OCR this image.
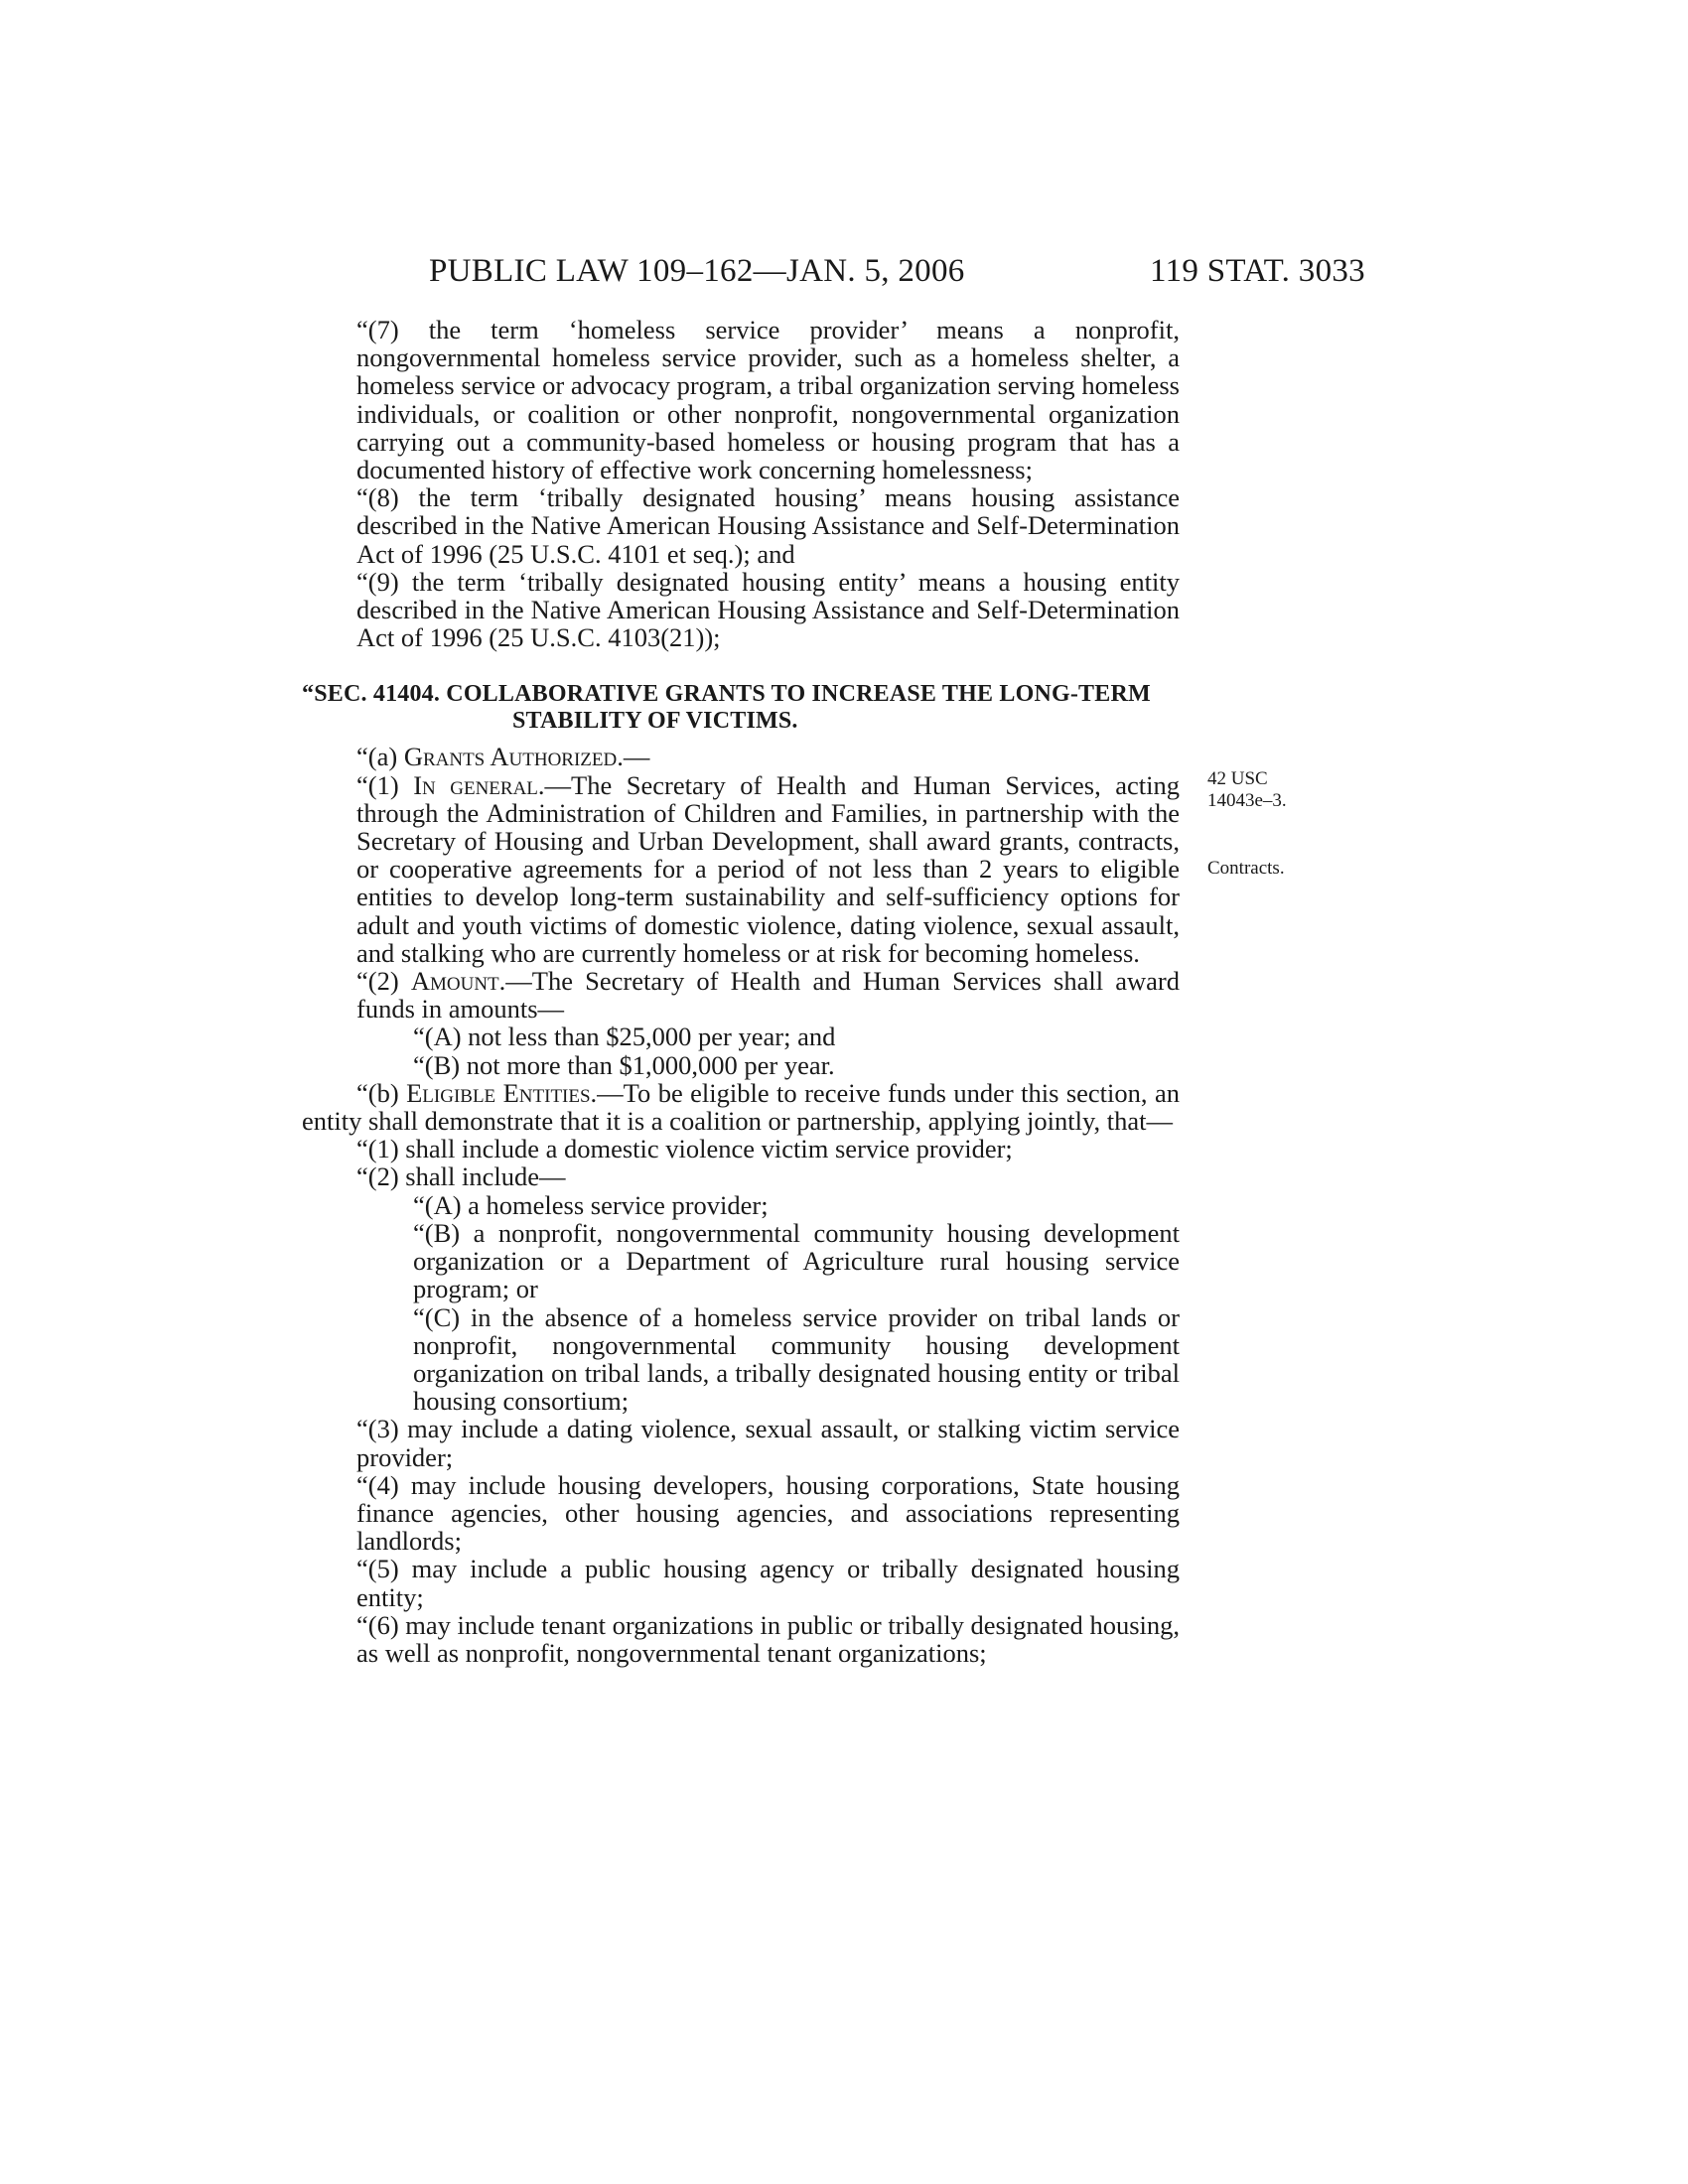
PUBLIC LAW 109–162—JAN. 5, 2006	119 STAT. 3033
42 USC
14043e–3.
Contracts.

“(7) the term ‘homeless service provider’ means a nonprofit, nongovernmental homeless service provider, such as a homeless shelter, a homeless service or advocacy program, a tribal organization serving homeless individuals, or coalition or other nonprofit, nongovernmental organization carrying out a community-based homeless or housing program that has a documented history of effective work concerning homelessness;

“(8) the term ‘tribally designated housing’ means housing assistance described in the Native American Housing Assistance and Self-Determination Act of 1996 (25 U.S.C. 4101 et seq.); and

“(9) the term ‘tribally designated housing entity’ means a housing entity described in the Native American Housing Assistance and Self-Determination Act of 1996 (25 U.S.C. 4103(21));

“SEC. 41404. COLLABORATIVE GRANTS TO INCREASE THE LONG-TERM STABILITY OF VICTIMS.

“(a) Grants Authorized.—

“(1) In general.—The Secretary of Health and Human Services, acting through the Administration of Children and Families, in partnership with the Secretary of Housing and Urban Development, shall award grants, contracts, or cooperative agreements for a period of not less than 2 years to eligible entities to develop long-term sustainability and self-sufficiency options for adult and youth victims of domestic violence, dating violence, sexual assault, and stalking who are currently homeless or at risk for becoming homeless.

“(2) Amount.—The Secretary of Health and Human Services shall award funds in amounts—

“(A) not less than $25,000 per year; and

“(B) not more than $1,000,000 per year.

“(b) Eligible Entities.—To be eligible to receive funds under this section, an entity shall demonstrate that it is a coalition or partnership, applying jointly, that—

“(1) shall include a domestic violence victim service provider;

“(2) shall include—

“(A) a homeless service provider;

“(B) a nonprofit, nongovernmental community housing development organization or a Department of Agriculture rural housing service program; or

“(C) in the absence of a homeless service provider on tribal lands or nonprofit, nongovernmental community housing development organization on tribal lands, a tribally designated housing entity or tribal housing consortium;

“(3) may include a dating violence, sexual assault, or stalking victim service provider;

“(4) may include housing developers, housing corporations, State housing finance agencies, other housing agencies, and associations representing landlords;

“(5) may include a public housing agency or tribally designated housing entity;

“(6) may include tenant organizations in public or tribally designated housing, as well as nonprofit, nongovernmental tenant organizations;
